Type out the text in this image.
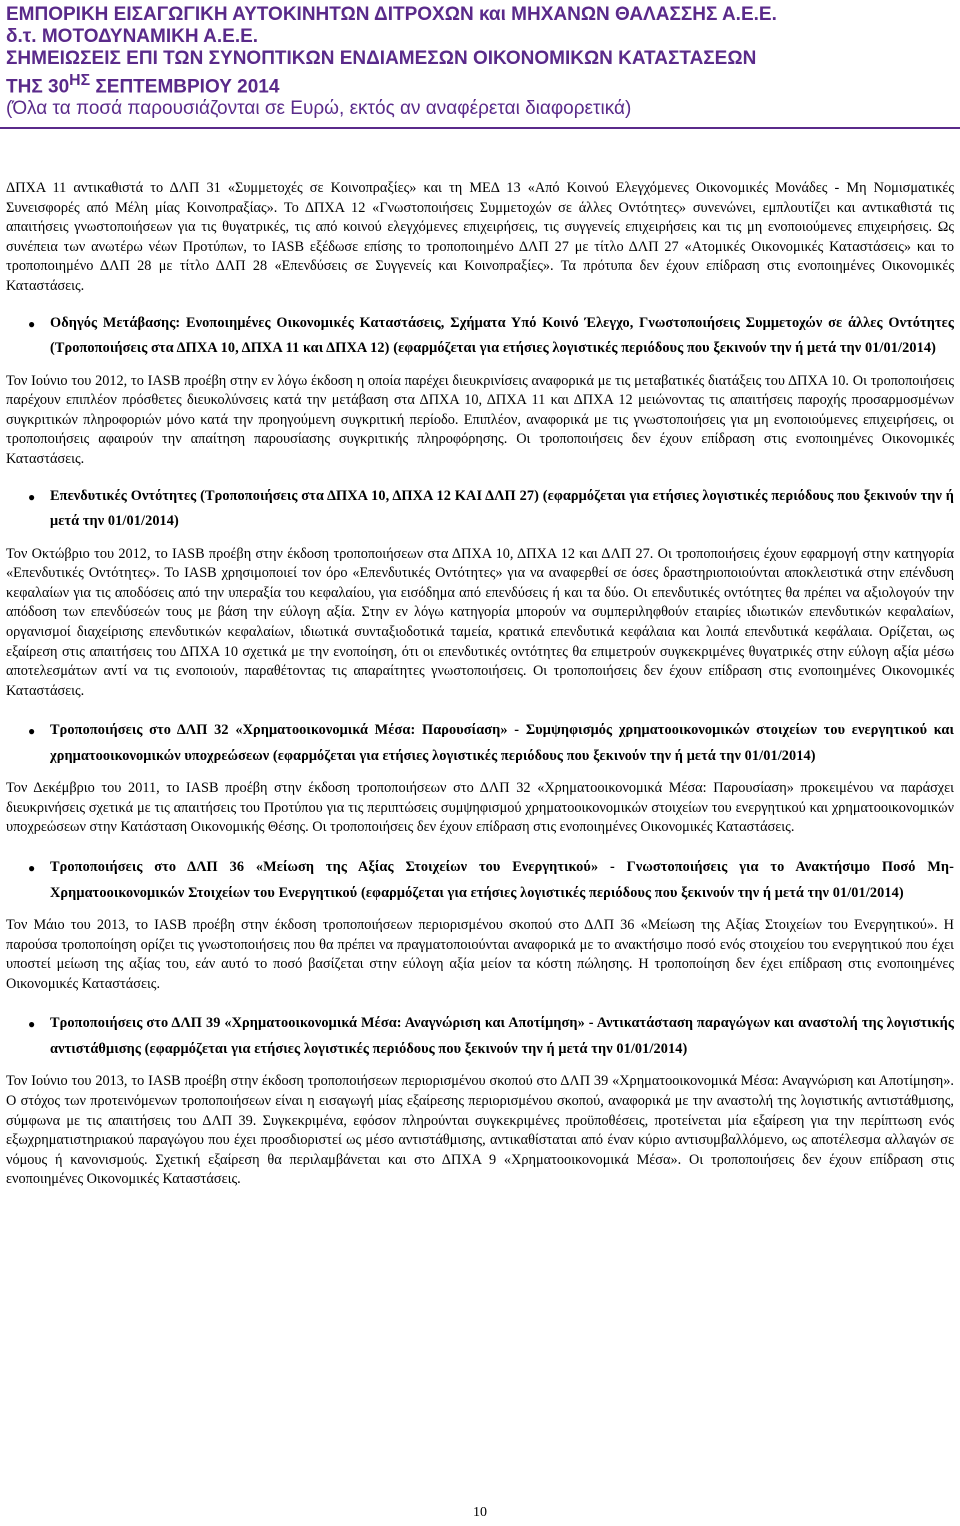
ΕΜΠΟΡΙΚΗ ΕΙΣΑΓΩΓΙΚΗ ΑΥΤΟΚΙΝΗΤΩΝ ΔΙΤΡΟΧΩΝ και ΜΗΧΑΝΩΝ ΘΑΛΑΣΣΗΣ Α.Ε.Ε.
δ.τ. ΜΟΤΟΔΥΝΑΜΙΚΗ Α.Ε.Ε.
ΣΗΜΕΙΩΣΕΙΣ ΕΠΙ ΤΩΝ ΣΥΝΟΠΤΙΚΩΝ ΕΝΔΙΑΜΕΣΩΝ ΟΙΚΟΝΟΜΙΚΩΝ ΚΑΤΑΣΤΑΣΕΩΝ
ΤΗΣ $30^{H\Sigma}$ ΣΕΠΤΕΜΒΡΙΟΥ 2014
(Όλα τα ποσά παρουσιάζονται σε Ευρώ, εκτός αν αναφέρεται διαφορετικά)

ΔΠΧΑ 11 αντικαθιστά το ΔΛΠ 31 «Συμμετοχές σε Κοινοπραξίες» και τη ΜΕΔ 13 «Από Κοινού Ελεγχόμενες Οικονομικές Μονάδες - Μη Νομισματικές Συνεισφορές από Μέλη μίας Κοινοπραξίας». Το ΔΠΧΑ 12 «Γνωστοποιήσεις Συμμετοχών σε άλλες Οντότητες» συνενώνει, εμπλουτίζει και αντικαθιστά τις απαιτήσεις γνωστοποιήσεων για τις θυγατρικές, τις από κοινού ελεγχόμενες επιχειρήσεις, τις συγγενείς επιχειρήσεις και τις μη ενοποιούμενες επιχειρήσεις. Ως συνέπεια των ανωτέρω νέων Προτύπων, το IASB εξέδωσε επίσης το τροποποιημένο ΔΛΠ 27 με τίτλο ΔΛΠ 27 «Ατομικές Οικονομικές Καταστάσεις» και το τροποποιημένο ΔΛΠ 28 με τίτλο ΔΛΠ 28 «Επενδύσεις σε Συγγενείς και Κοινοπραξίες». Τα πρότυπα δεν έχουν επίδραση στις ενοποιημένες Οικονομικές Καταστάσεις.

●	Οδηγός Μετάβασης: Ενοποιημένες Οικονομικές Καταστάσεις, Σχήματα Υπό Κοινό Έλεγχο, Γνωστοποιήσεις Συμμετοχών σε άλλες Οντότητες (Τροποποιήσεις στα ΔΠΧΑ 10, ΔΠΧΑ 11 και ΔΠΧΑ 12) (εφαρμόζεται για ετήσιες λογιστικές περιόδους που ξεκινούν την ή μετά την 01/01/2014)

Τον Ιούνιο του 2012, το IASB προέβη στην εν λόγω έκδοση η οποία παρέχει διευκρινίσεις αναφορικά με τις μεταβατικές διατάξεις του ΔΠΧΑ 10. Οι τροποποιήσεις παρέχουν επιπλέον πρόσθετες διευκολύνσεις κατά την μετάβαση στα ΔΠΧΑ 10, ΔΠΧΑ 11 και ΔΠΧΑ 12 μειώνοντας τις απαιτήσεις παροχής προσαρμοσμένων συγκριτικών πληροφοριών μόνο κατά την προηγούμενη συγκριτική περίοδο. Επιπλέον, αναφορικά με τις γνωστοποιήσεις για μη ενοποιούμενες επιχειρήσεις, οι τροποποιήσεις αφαιρούν την απαίτηση παρουσίασης συγκριτικής πληροφόρησης. Οι τροποποιήσεις δεν έχουν επίδραση στις ενοποιημένες Οικονομικές Καταστάσεις.

●	Επενδυτικές Οντότητες (Τροποποιήσεις στα ΔΠΧΑ 10, ΔΠΧΑ 12 ΚΑΙ ΔΛΠ 27) (εφαρμόζεται για ετήσιες λογιστικές περιόδους που ξεκινούν την ή μετά την 01/01/2014)

Τον Οκτώβριο του 2012, το IASB προέβη στην έκδοση τροποποιήσεων στα ΔΠΧΑ 10, ΔΠΧΑ 12 και ΔΛΠ 27. Οι τροποποιήσεις έχουν εφαρμογή στην κατηγορία «Επενδυτικές Οντότητες». Το IASB χρησιμοποιεί τον όρο «Επενδυτικές Οντότητες» για να αναφερθεί σε όσες δραστηριοποιούνται αποκλειστικά στην επένδυση κεφαλαίων για τις αποδόσεις από την υπεραξία του κεφαλαίου, για εισόδημα από επενδύσεις ή και τα δύο. Οι επενδυτικές οντότητες θα πρέπει να αξιολογούν την απόδοση των επενδύσεών τους με βάση την εύλογη αξία. Στην εν λόγω κατηγορία μπορούν να συμπεριληφθούν εταιρίες ιδιωτικών επενδυτικών κεφαλαίων, οργανισμοί διαχείρισης επενδυτικών κεφαλαίων, ιδιωτικά συνταξιοδοτικά ταμεία, κρατικά επενδυτικά κεφάλαια και λοιπά επενδυτικά κεφάλαια. Ορίζεται, ως εξαίρεση στις απαιτήσεις του ΔΠΧΑ 10 σχετικά με την ενοποίηση, ότι οι επενδυτικές οντότητες θα επιμετρούν συγκεκριμένες θυγατρικές στην εύλογη αξία μέσω αποτελεσμάτων αντί να τις ενοποιούν, παραθέτοντας τις απαραίτητες γνωστοποιήσεις. Οι τροποποιήσεις δεν έχουν επίδραση στις ενοποιημένες Οικονομικές Καταστάσεις.

●	Τροποποιήσεις στο ΔΛΠ 32 «Χρηματοοικονομικά Μέσα: Παρουσίαση» - Συμψηφισμός χρηματοοικονομικών στοιχείων του ενεργητικού και χρηματοοικονομικών υποχρεώσεων (εφαρμόζεται για ετήσιες λογιστικές περιόδους που ξεκινούν την ή μετά την 01/01/2014)

Τον Δεκέμβριο του 2011, το IASB προέβη στην έκδοση τροποποιήσεων στο ΔΛΠ 32 «Χρηματοοικονομικά Μέσα: Παρουσίαση» προκειμένου να παράσχει διευκρινήσεις σχετικά με τις απαιτήσεις του Προτύπου για τις περιπτώσεις συμψηφισμού χρηματοοικονομικών στοιχείων του ενεργητικού και χρηματοοικονομικών υποχρεώσεων στην Κατάσταση Οικονομικής Θέσης. Οι τροποποιήσεις δεν έχουν επίδραση στις ενοποιημένες Οικονομικές Καταστάσεις.

●	Τροποποιήσεις στο ΔΛΠ 36 «Μείωση της Αξίας Στοιχείων του Ενεργητικού» - Γνωστοποιήσεις για το Ανακτήσιμο Ποσό Μη-Χρηματοοικονομικών Στοιχείων του Ενεργητικού (εφαρμόζεται για ετήσιες λογιστικές περιόδους που ξεκινούν την ή μετά την 01/01/2014)

Τον Μάιο του 2013, το IASB προέβη στην έκδοση τροποποιήσεων περιορισμένου σκοπού στο ΔΛΠ 36 «Μείωση της Αξίας Στοιχείων του Ενεργητικού». Η παρούσα τροποποίηση ορίζει τις γνωστοποιήσεις που θα πρέπει να πραγματοποιούνται αναφορικά με το ανακτήσιμο ποσό ενός στοιχείου του ενεργητικού που έχει υποστεί μείωση της αξίας του, εάν αυτό το ποσό βασίζεται στην εύλογη αξία μείον τα κόστη πώλησης. Η τροποποίηση δεν έχει επίδραση στις ενοποιημένες Οικονομικές Καταστάσεις.

●	Τροποποιήσεις στο ΔΛΠ 39 «Χρηματοοικονομικά Μέσα: Αναγνώριση και Αποτίμηση» - Αντικατάσταση παραγώγων και αναστολή της λογιστικής αντιστάθμισης (εφαρμόζεται για ετήσιες λογιστικές περιόδους που ξεκινούν την ή μετά την 01/01/2014)

Τον Ιούνιο του 2013, το IASB προέβη στην έκδοση τροποποιήσεων περιορισμένου σκοπού στο ΔΛΠ 39 «Χρηματοοικονομικά Μέσα: Αναγνώριση και Αποτίμηση». Ο στόχος των προτεινόμενων τροποποιήσεων είναι η εισαγωγή μίας εξαίρεσης περιορισμένου σκοπού, αναφορικά με την αναστολή της λογιστικής αντιστάθμισης, σύμφωνα με τις απαιτήσεις του ΔΛΠ 39. Συγκεκριμένα, εφόσον πληρούνται συγκεκριμένες προϋποθέσεις, προτείνεται μία εξαίρεση για την περίπτωση ενός εξωχρηματιστηριακού παραγώγου που έχει προσδιοριστεί ως μέσο αντιστάθμισης, αντικαθίσταται από έναν κύριο αντισυμβαλλόμενο, ως αποτέλεσμα αλλαγών σε νόμους ή κανονισμούς. Σχετική εξαίρεση θα περιλαμβάνεται και στο ΔΠΧΑ 9 «Χρηματοοικονομικά Μέσα». Οι τροποποιήσεις δεν έχουν επίδραση στις ενοποιημένες Οικονομικές Καταστάσεις.

10
